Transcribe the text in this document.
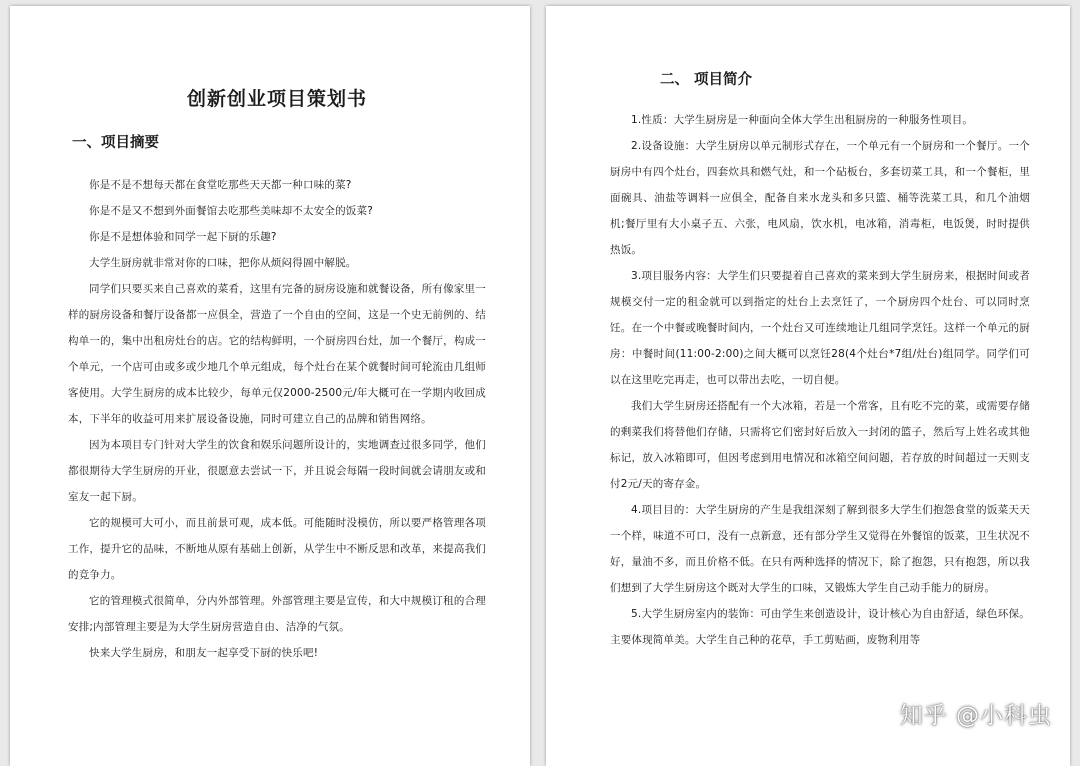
创新创业项目策划书
一、项目摘要

你是不是不想每天都在食堂吃那些天天都一种口味的菜?

你是不是又不想到外面餐馆去吃那些美味却不太安全的饭菜?

你是不是想体验和同学一起下厨的乐趣?

大学生厨房就非常对你的口味，把你从烦闷得圄中解脱。

同学们只要买来自己喜欢的菜肴，这里有完备的厨房设施和就餐设备，所有像家里一样的厨房设备和餐厅设备都一应俱全，营造了一个自由的空间，这是一个史无前例的、结构单一的，集中出租房灶台的店。它的结构鲜明，一个厨房四台灶，加一个餐厅，构成一个单元，一个店可由或多或少地几个单元组成，每个灶台在某个就餐时间可轮流由几组师客使用。大学生厨房的成本比较少，每单元仅2000-2500元/年大概可在一学期内收回成本，下半年的收益可用来扩展设备设施，同时可建立自己的品牌和销售网络。

因为本项目专门针对大学生的饮食和娱乐问题所设计的，实地调查过很多同学，他们都很期待大学生厨房的开业，很愿意去尝试一下，并且说会每隔一段时间就会请朋友或和室友一起下厨。

它的规模可大可小，而且前景可观，成本低。可能随时没模仿，所以要严格管理各项工作，提升它的品味，不断地从原有基础上创新，从学生中不断反思和改革，来提高我们的竞争力。

它的管理模式很简单，分内外部管理。外部管理主要是宣传，和大中规模订租的合理安排;内部管理主要是为大学生厨房营造自由、洁净的气氛。

快来大学生厨房，和朋友一起享受下厨的快乐吧!

二、 项目简介

1.性质：大学生厨房是一种面向全体大学生出租厨房的一种服务性项目。

2.设备设施：大学生厨房以单元制形式存在，一个单元有一个厨房和一个餐厅。一个厨房中有四个灶台，四套炊具和燃气灶，和一个砧板台，多套切菜工具，和一个餐柜，里面碗具、油盐等调料一应俱全，配备自来水龙头和多只篮、桶等洗菜工具，和几个油烟机;餐厅里有大小桌子五、六张，电风扇，饮水机，电冰箱，消毒柜，电饭煲，时时提供热饭。

3.项目服务内容：大学生们只要提着自己喜欢的菜来到大学生厨房来，根据时间或者规模交付一定的租金就可以到指定的灶台上去烹饪了，一个厨房四个灶台、可以同时烹饪。在一个中餐或晚餐时间内，一个灶台又可连续地让几组同学烹饪。这样一个单元的厨房：中餐时间(11:00-2:00)之间大概可以烹饪28(4个灶台*7组/灶台)组同学。同学们可以在这里吃完再走，也可以带出去吃，一切自便。

我们大学生厨房还搭配有一个大冰箱，若是一个常客，且有吃不完的菜，或需要存储的剩菜我们将替他们存储，只需将它们密封好后放入一封闭的篮子，然后写上姓名或其他标记，放入冰箱即可，但因考虑到用电情况和冰箱空间问题，若存放的时间超过一天则支付2元/天的寄存金。

4.项目目的：大学生厨房的产生是我组深刻了解到很多大学生们抱怨食堂的饭菜天天一个样，味道不可口，没有一点新意，还有部分学生又觉得在外餐馆的饭菜，卫生状况不好，量油不多，而且价格不低。在只有两种选择的情况下，除了抱怨，只有抱怨，所以我们想到了大学生厨房这个既对大学生的口味，又锻炼大学生自己动手能力的厨房。

5.大学生厨房室内的装饰：可由学生来创造设计，设计核心为自由舒适，绿色环保。主要体现简单美。大学生自己种的花草，手工剪贴画，废物利用等

知乎 @小科虫
